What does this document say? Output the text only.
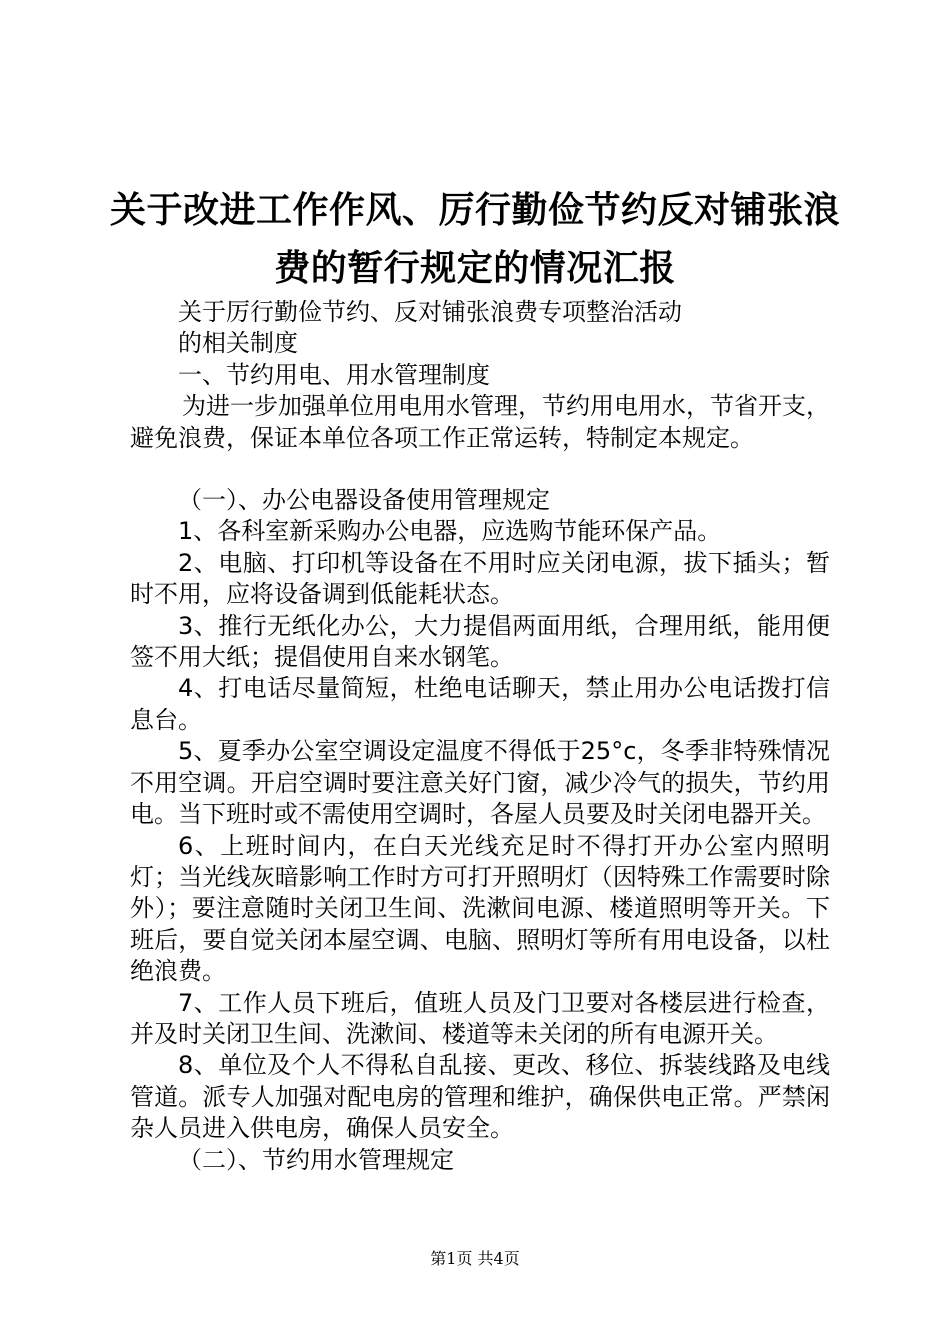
关于改进工作作风、厉行勤俭节约反对铺张浪
费的暂行规定的情况汇报

关于厉行勤俭节约、反对铺张浪费专项整治活动

的相关制度

一、节约用电、用水管理制度

为进一步加强单位用电用水管理，节约用电用水，节省开支，避免浪费，保证本单位各项工作正常运转，特制定本规定。

（一）、办公电器设备使用管理规定

1、各科室新采购办公电器，应选购节能环保产品。

2、电脑、打印机等设备在不用时应关闭电源，拔下插头；暂时不用，应将设备调到低能耗状态。

3、推行无纸化办公，大力提倡两面用纸，合理用纸，能用便签不用大纸；提倡使用自来水钢笔。

4、打电话尽量简短，杜绝电话聊天，禁止用办公电话拨打信息台。

5、夏季办公室空调设定温度不得低于25°c，冬季非特殊情况不用空调。开启空调时要注意关好门窗，减少冷气的损失，节约用电。当下班时或不需使用空调时，各屋人员要及时关闭电器开关。

6、上班时间内，在白天光线充足时不得打开办公室内照明灯；当光线灰暗影响工作时方可打开照明灯（因特殊工作需要时除外）；要注意随时关闭卫生间、洗漱间电源、楼道照明等开关。下班后，要自觉关闭本屋空调、电脑、照明灯等所有用电设备，以杜绝浪费。

7、工作人员下班后，值班人员及门卫要对各楼层进行检查，并及时关闭卫生间、洗漱间、楼道等未关闭的所有电源开关。

8、单位及个人不得私自乱接、更改、移位、拆装线路及电线管道。派专人加强对配电房的管理和维护，确保供电正常。严禁闲杂人员进入供电房，确保人员安全。

（二）、节约用水管理规定

第1页 共4页
